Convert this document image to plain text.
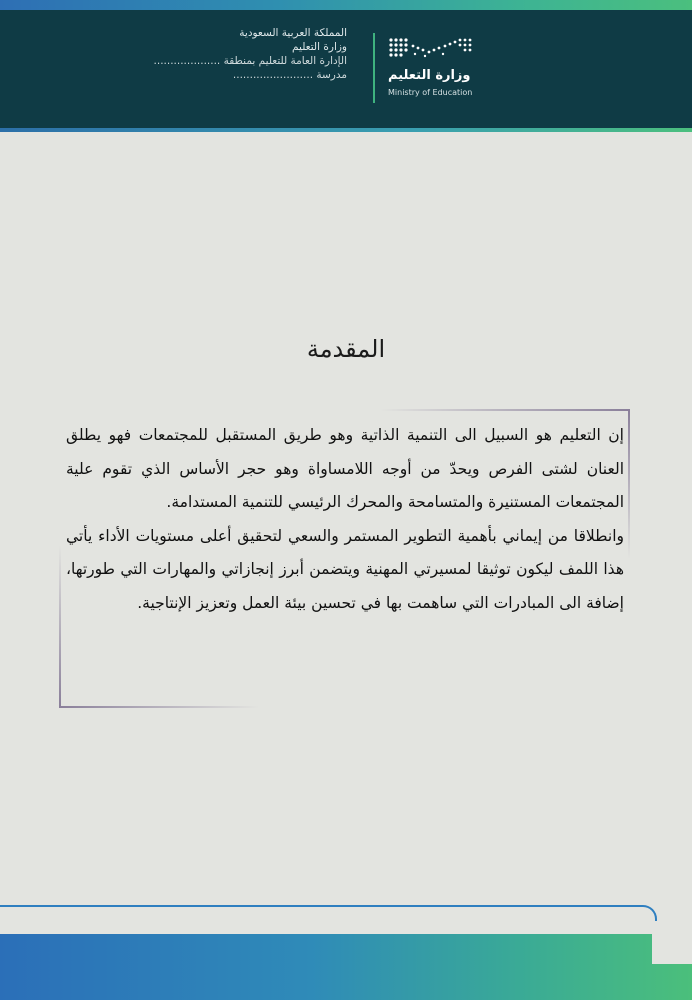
المملكة العربية السعودية
وزارة التعليم
الإدارة العامة للتعليم بمنطقة ....................
مدرسة ........................	وزارة التعليم
Ministry of Education
المقدمة

إن التعليم هو السبيل الى التنمية الذاتية وهو طريق المستقبل للمجتمعات فهو يطلق العنان لشتى الفرص ويحدّ من أوجه اللامساواة وهو حجر الأساس الذي تقوم علية المجتمعات المستنيرة والمتسامحة والمحرك الرئيسي للتنمية المستدامة.

وانطلاقا من إيماني بأهمية التطوير المستمر والسعي لتحقيق أعلى مستويات الأداء يأتي هذا اللمف ليكون توثيقا لمسيرتي المهنية ويتضمن أبرز إنجازاتي والمهارات التي طورتها، إضافة الى المبادرات التي ساهمت بها في تحسين بيئة العمل وتعزيز الإنتاجية.
